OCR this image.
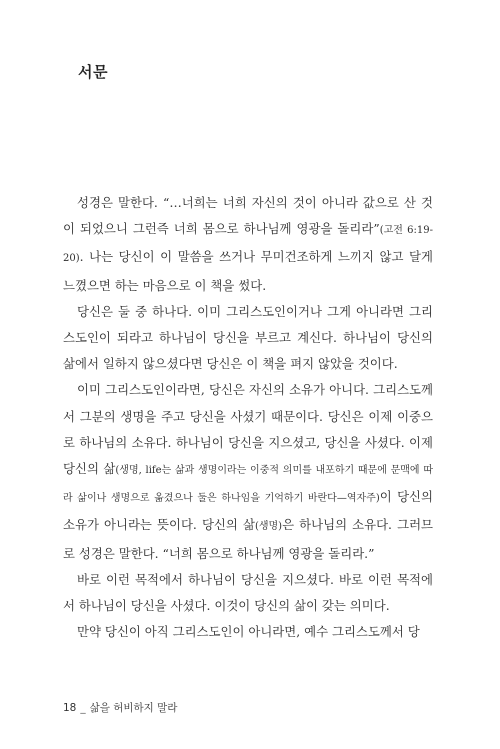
서문

성경은 말한다. “…너희는 너희 자신의 것이 아니라 값으로 산 것이 되었으니 그런즉 너희 몸으로 하나님께 영광을 돌리라”(고전 6:19-20). 나는 당신이 이 말씀을 쓰거나 무미건조하게 느끼지 않고 달게 느꼈으면 하는 마음으로 이 책을 썼다.

당신은 둘 중 하나다. 이미 그리스도인이거나 그게 아니라면 그리스도인이 되라고 하나님이 당신을 부르고 계신다. 하나님이 당신의 삶에서 일하지 않으셨다면 당신은 이 책을 펴지 않았을 것이다.

이미 그리스도인이라면, 당신은 자신의 소유가 아니다. 그리스도께서 그분의 생명을 주고 당신을 사셨기 때문이다. 당신은 이제 이중으로 하나님의 소유다. 하나님이 당신을 지으셨고, 당신을 사셨다. 이제 당신의 삶(생명, life는 삶과 생명이라는 이중적 의미를 내포하기 때문에 문맥에 따라 삶이나 생명으로 옮겼으나 둘은 하나임을 기억하기 바란다—역자주)이 당신의 소유가 아니라는 뜻이다. 당신의 삶(생명)은 하나님의 소유다. 그러므로 성경은 말한다. “너희 몸으로 하나님께 영광을 돌리라.”

바로 이런 목적에서 하나님이 당신을 지으셨다. 바로 이런 목적에서 하나님이 당신을 사셨다. 이것이 당신의 삶이 갖는 의미다.

만약 당신이 아직 그리스도인이 아니라면, 예수 그리스도께서 당

18 _ 삶을 허비하지 말라
